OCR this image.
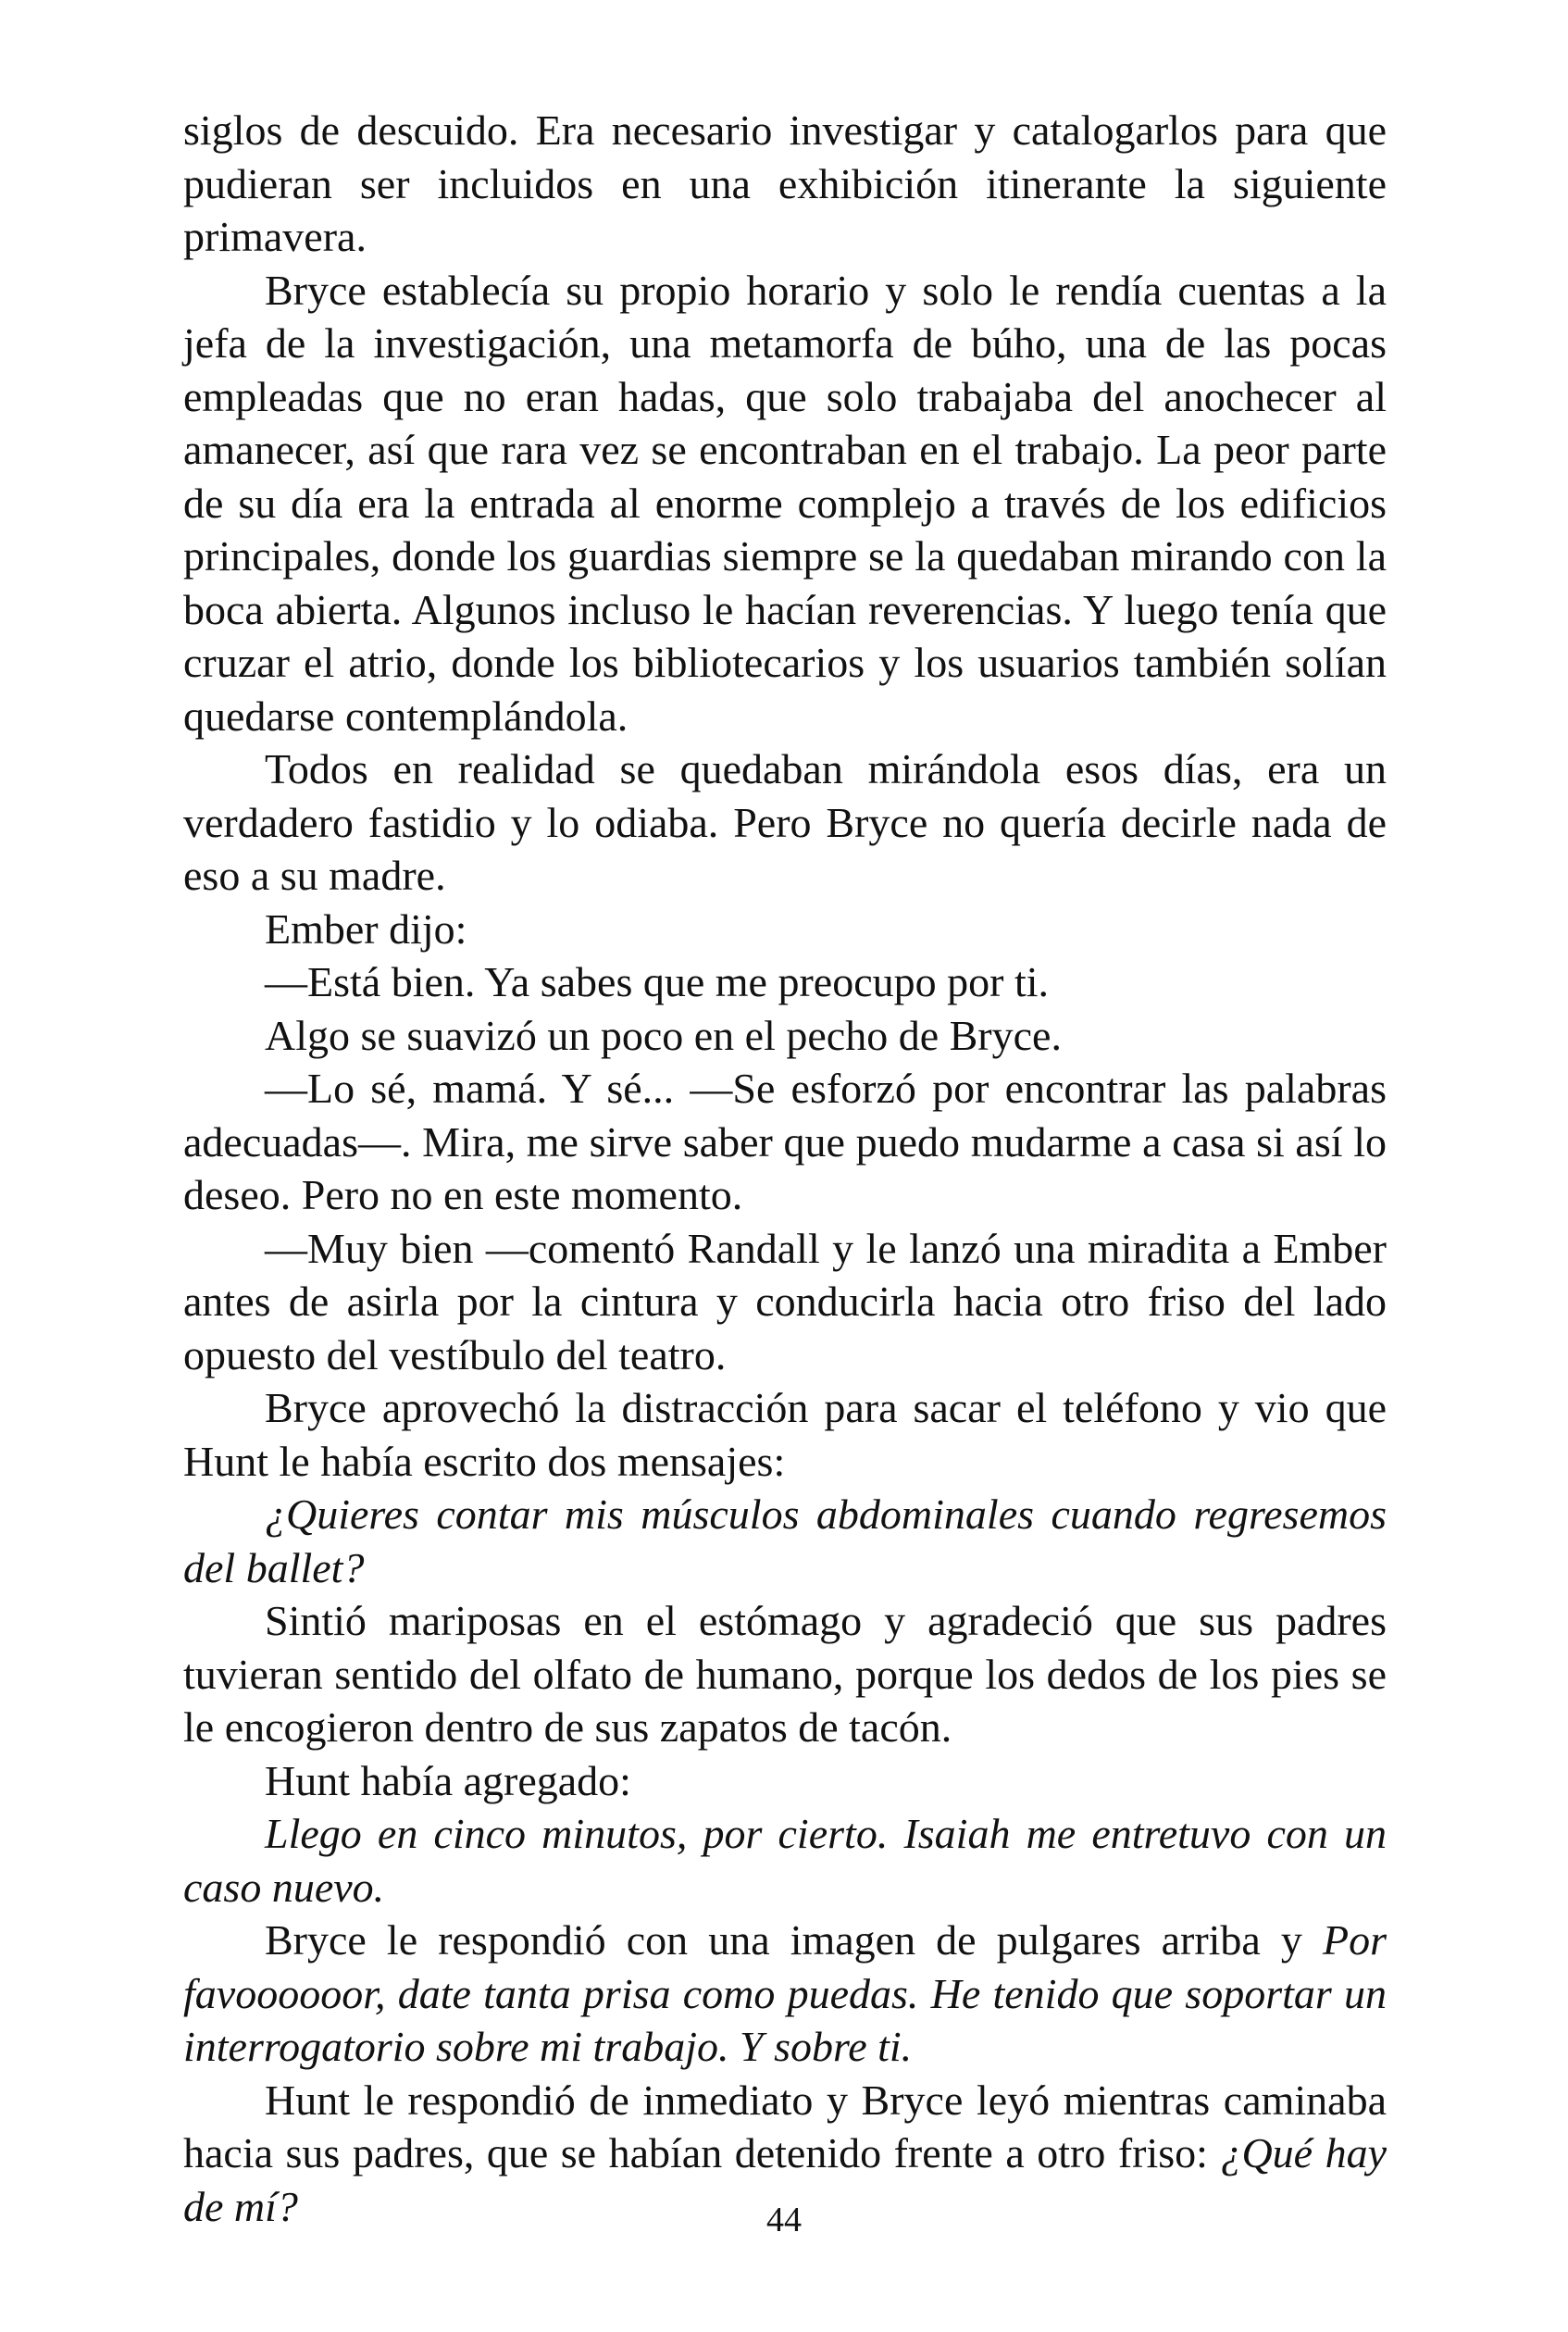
siglos de descuido. Era necesario investigar y catalogarlos para que pudieran ser incluidos en una exhibición itinerante la siguiente primavera.

Bryce establecía su propio horario y solo le rendía cuentas a la jefa de la investigación, una metamorfa de búho, una de las pocas empleadas que no eran hadas, que solo trabajaba del anochecer al amanecer, así que rara vez se encontraban en el trabajo. La peor parte de su día era la entrada al enorme complejo a través de los edificios principales, donde los guardias siempre se la quedaban mirando con la boca abierta. Algunos incluso le hacían reverencias. Y luego tenía que cruzar el atrio, donde los bibliotecarios y los usuarios también solían quedarse contemplándola.

Todos en realidad se quedaban mirándola esos días, era un verdadero fastidio y lo odiaba. Pero Bryce no quería decirle nada de eso a su madre.

Ember dijo:

—Está bien. Ya sabes que me preocupo por ti.

Algo se suavizó un poco en el pecho de Bryce.

—Lo sé, mamá. Y sé... —Se esforzó por encontrar las palabras adecuadas—. Mira, me sirve saber que puedo mudarme a casa si así lo deseo. Pero no en este momento.

—Muy bien —comentó Randall y le lanzó una miradita a Ember antes de asirla por la cintura y conducirla hacia otro friso del lado opuesto del vestíbulo del teatro.

Bryce aprovechó la distracción para sacar el teléfono y vio que Hunt le había escrito dos mensajes:

¿Quieres contar mis músculos abdominales cuando regresemos del ballet?

Sintió mariposas en el estómago y agradeció que sus padres tuvieran sentido del olfato de humano, porque los dedos de los pies se le encogieron dentro de sus zapatos de tacón.

Hunt había agregado:

Llego en cinco minutos, por cierto. Isaiah me entretuvo con un caso nuevo.

Bryce le respondió con una imagen de pulgares arriba y Por favoooooor, date tanta prisa como puedas. He tenido que soportar un interrogatorio sobre mi trabajo. Y sobre ti.

Hunt le respondió de inmediato y Bryce leyó mientras caminaba hacia sus padres, que se habían detenido frente a otro friso: ¿Qué hay de mí?	44
